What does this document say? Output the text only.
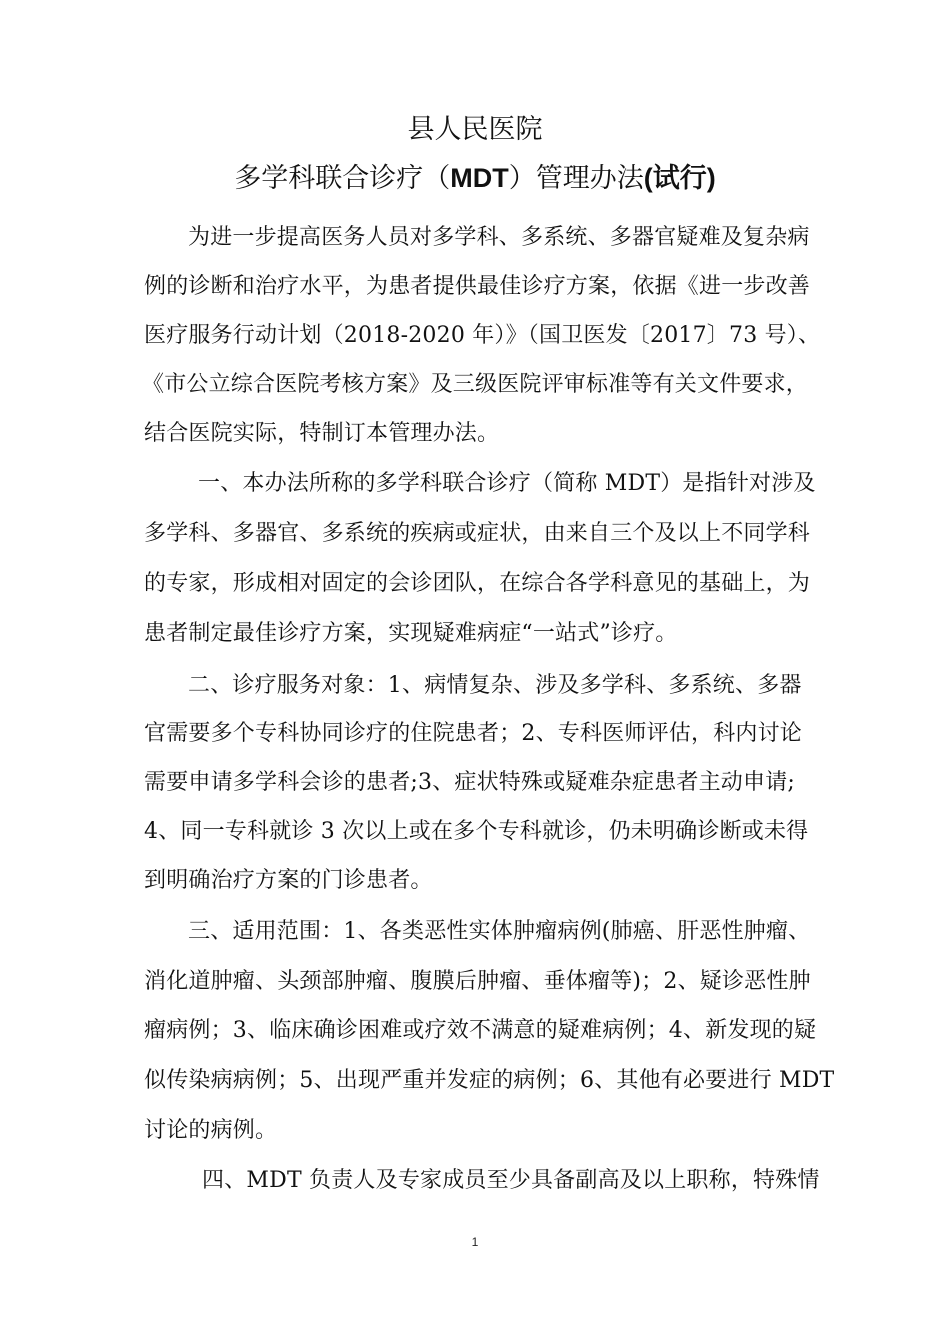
县人民医院
多学科联合诊疗（MDT）管理办法(试行)
为进一步提高医务人员对多学科、多系统、多器官疑难及复杂病
例的诊断和治疗水平，为患者提供最佳诊疗方案，依据《进一步改善
医疗服务行动计划（2018-2020 年）》（国卫医发〔2017〕73 号）、
《市公立综合医院考核方案》及三级医院评审标准等有关文件要求，
结合医院实际，特制订本管理办法。
一、本办法所称的多学科联合诊疗（简称 MDT）是指针对涉及
多学科、多器官、多系统的疾病或症状，由来自三个及以上不同学科
的专家，形成相对固定的会诊团队，在综合各学科意见的基础上，为
患者制定最佳诊疗方案，实现疑难病症“一站式”诊疗。
二、诊疗服务对象：1、病情复杂、涉及多学科、多系统、多器
官需要多个专科协同诊疗的住院患者；2、专科医师评估，科内讨论
需要申请多学科会诊的患者;3、症状特殊或疑难杂症患者主动申请;
4、同一专科就诊 3 次以上或在多个专科就诊，仍未明确诊断或未得
到明确治疗方案的门诊患者。
三、适用范围：1、各类恶性实体肿瘤病例(肺癌、肝恶性肿瘤、
消化道肿瘤、头颈部肿瘤、腹膜后肿瘤、垂体瘤等)；2、疑诊恶性肿
瘤病例；3、临床确诊困难或疗效不满意的疑难病例；4、新发现的疑
似传染病病例；5、出现严重并发症的病例；6、其他有必要进行 MDT
讨论的病例。
四、MDT 负责人及专家成员至少具备副高及以上职称，特殊情
1
